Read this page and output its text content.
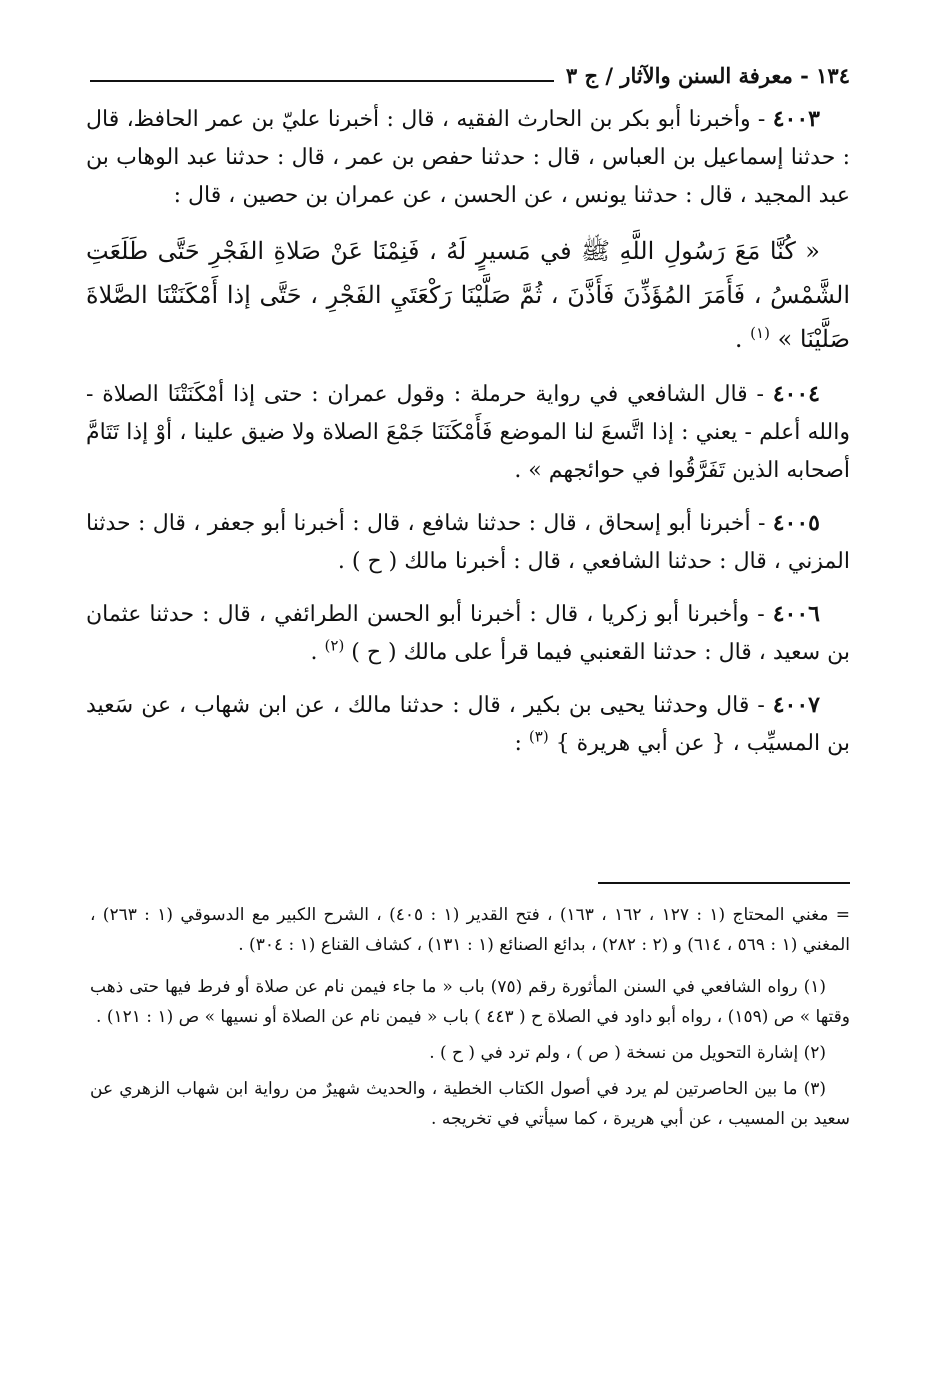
١٣٤ - معرفة السنن والآثار / ج ٣

٤٠٠٣ - وأخبرنا أبو بكر بن الحارث الفقيه ، قال : أخبرنا عليّ بن عمر الحافظ، قال : حدثنا إسماعيل بن العباس ، قال : حدثنا حفص بن عمر ، قال : حدثنا عبد الوهاب بن عبد المجيد ، قال : حدثنا يونس ، عن الحسن ، عن عمران بن حصين ، قال :

« كُنَّا مَعَ رَسُولِ اللَّهِ ﷺ في مَسيرٍ لَهُ ، فَنِمْنَا عَنْ صَلاةِ الفَجْرِ حَتَّى طَلَعَتِ الشَّمْسُ ، فَأَمَرَ المُؤَذِّنَ فَأَذَّنَ ، ثُمَّ صَلَّيْنَا رَكْعَتَيِ الفَجْرِ ، حَتَّى إذا أَمْكَنَتْنَا الصَّلاةَ صَلَّيْنَا » $^{(١)}$ .

٤٠٠٤ - قال الشافعي في رواية حرملة : وقول عمران : حتى إذا أمْكَنَتْنَا الصلاة - والله أعلم - يعني : إذا اتَّسعَ لنا الموضع فَأَمْكَنَنَا جَمْعَ الصلاة ولا ضيق علينا ، أوْ إذا تَتَامَّ أصحابه الذين تَفَرَّقُوا في حوائجهم » .

٤٠٠٥ - أخبرنا أبو إسحاق ، قال : حدثنا شافع ، قال : أخبرنا أبو جعفر ، قال : حدثنا المزني ، قال : حدثنا الشافعي ، قال : أخبرنا مالك ( ح ) .

٤٠٠٦ - وأخبرنا أبو زكريا ، قال : أخبرنا أبو الحسن الطرائفي ، قال : حدثنا عثمان بن سعيد ، قال : حدثنا القعنبي فيما قرأ على مالك ( ح ) $^{(٢)}$ .

٤٠٠٧ - قال وحدثنا يحيى بن بكير ، قال : حدثنا مالك ، عن ابن شهاب ، عن سَعيد بن المسيِّب ، { عن أبي هريرة } $^{(٣)}$ :

= مغني المحتاج (١ : ١٢٧ ، ١٦٢ ، ١٦٣) ، فتح القدير (١ : ٤٠٥) ، الشرح الكبير مع الدسوقي (١ : ٢٦٣) ، المغني (١ : ٥٦٩ ، ٦١٤) و (٢ : ٢٨٢) ، بدائع الصنائع (١ : ١٣١) ، كشاف القناع (١ : ٣٠٤) .

(١) رواه الشافعي في السنن المأثورة رقم (٧٥) باب « ما جاء فيمن نام عن صلاة أو فرط فيها حتى ذهب وقتها » ص (١٥٩) ، رواه أبو داود في الصلاة ح ( ٤٤٣ ) باب « فيمن نام عن الصلاة أو نسيها » ص (١ : ١٢١) .

(٢) إشارة التحويل من نسخة ( ص ) ، ولم ترد في ( ح ) .

(٣) ما بين الحاصرتين لم يرد في أصول الكتاب الخطية ، والحديث شهيرٌ من رواية ابن شهاب الزهري عن سعيد بن المسيب ، عن أبي هريرة ، كما سيأتي في تخريجه .
